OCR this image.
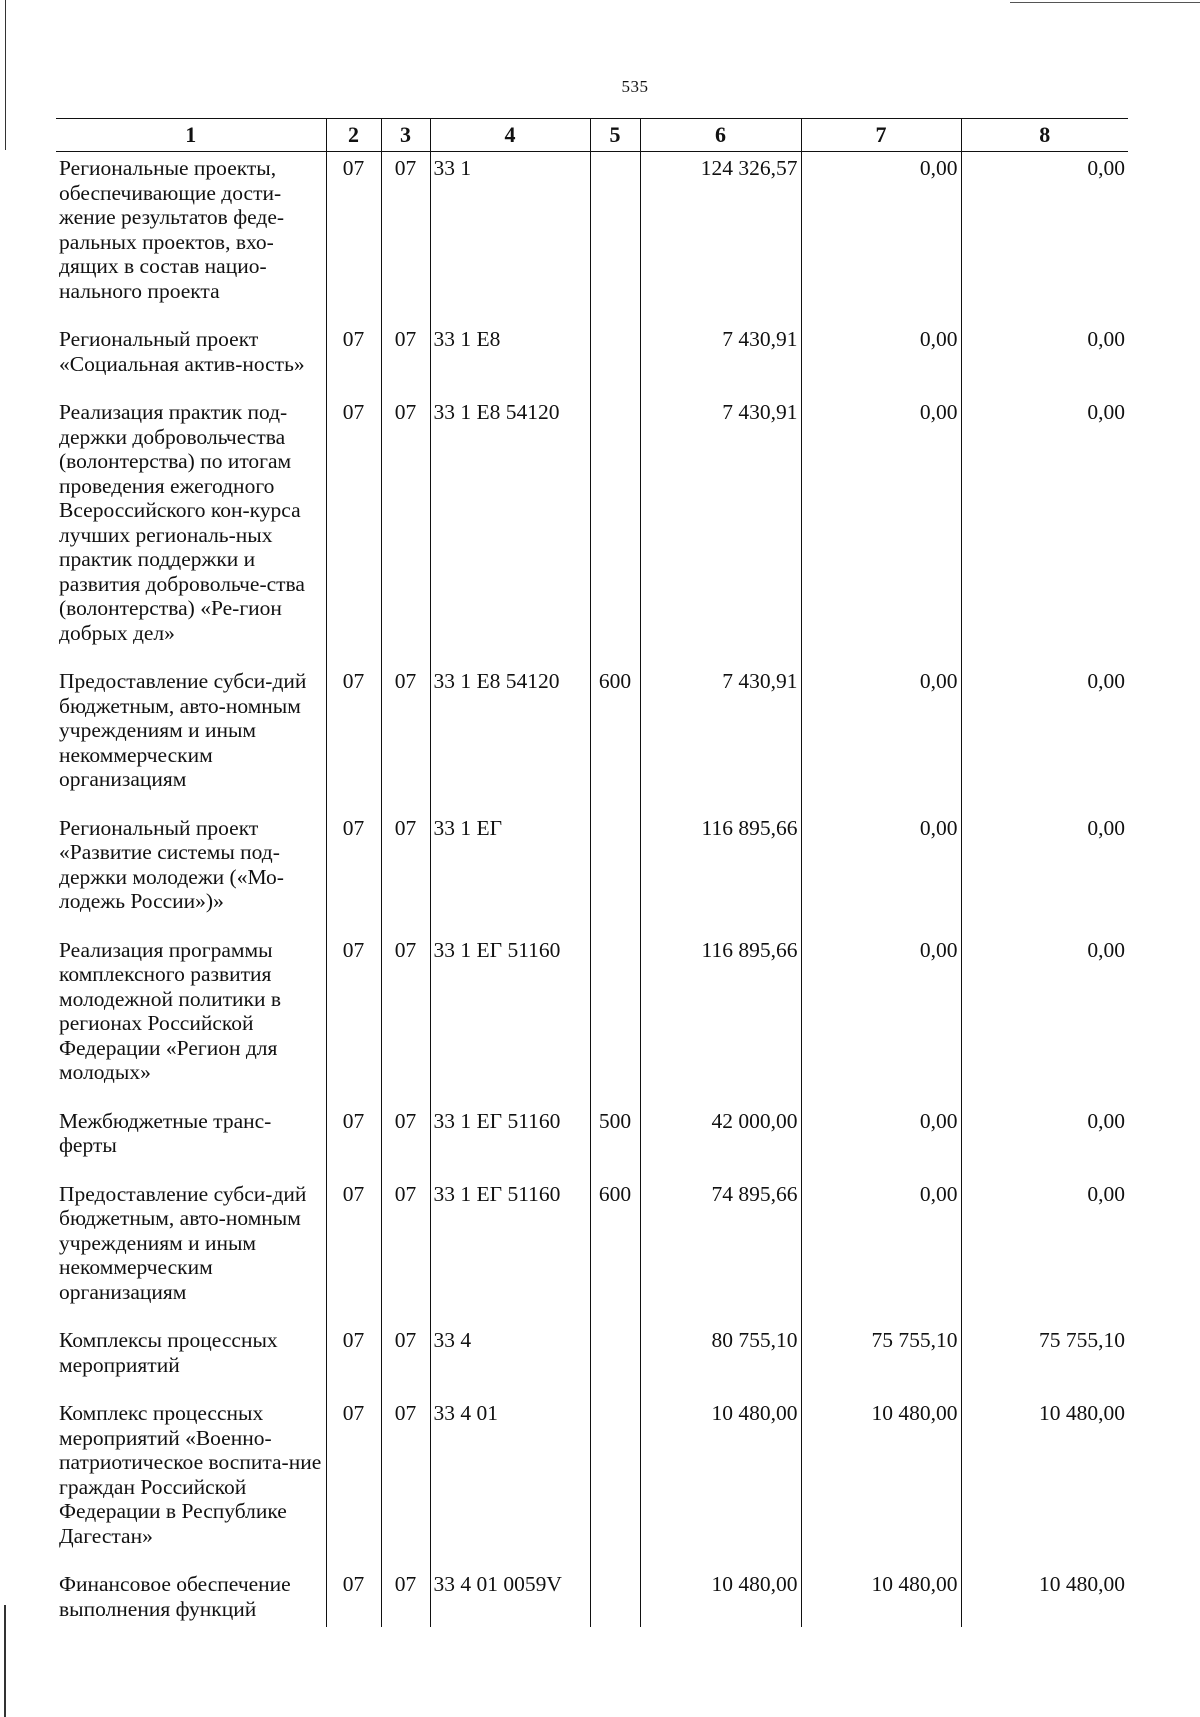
535
1	2	3	4	5	6	7	8
Региональные проекты, обеспечивающие дости-жение результатов феде-ральных проектов, вхо-дящих в состав нацио-нального проекта	07	07	33 1		124 326,57	0,00	0,00
Региональный проект «Социальная актив-ность»	07	07	33 1 E8		7 430,91	0,00	0,00
Реализация практик под-держки добровольчества (волонтерства) по итогам проведения ежегодного Всероссийского кон-курса лучших региональ-ных практик поддержки и развития добровольче-ства (волонтерства) «Ре-гион добрых дел»	07	07	33 1 E8 54120		7 430,91	0,00	0,00
Предоставление субси-дий бюджетным, авто-номным учреждениям и иным некоммерческим организациям	07	07	33 1 E8 54120	600	7 430,91	0,00	0,00
Региональный проект «Развитие системы под-держки молодежи («Мо-лодежь России»)»	07	07	33 1 ЕГ		116 895,66	0,00	0,00
Реализация программы комплексного развития молодежной политики в регионах Российской Федерации «Регион для молодых»	07	07	33 1 ЕГ 51160		116 895,66	0,00	0,00
Межбюджетные транс-ферты	07	07	33 1 ЕГ 51160	500	42 000,00	0,00	0,00
Предоставление субси-дий бюджетным, авто-номным учреждениям и иным некоммерческим организациям	07	07	33 1 ЕГ 51160	600	74 895,66	0,00	0,00
Комплексы процессных мероприятий	07	07	33 4		80 755,10	75 755,10	75 755,10
Комплекс процессных мероприятий «Военно-патриотическое воспита-ние граждан Российской Федерации в Республике Дагестан»	07	07	33 4 01		10 480,00	10 480,00	10 480,00
Финансовое обеспечение выполнения функций	07	07	33 4 01 0059V		10 480,00	10 480,00	10 480,00
